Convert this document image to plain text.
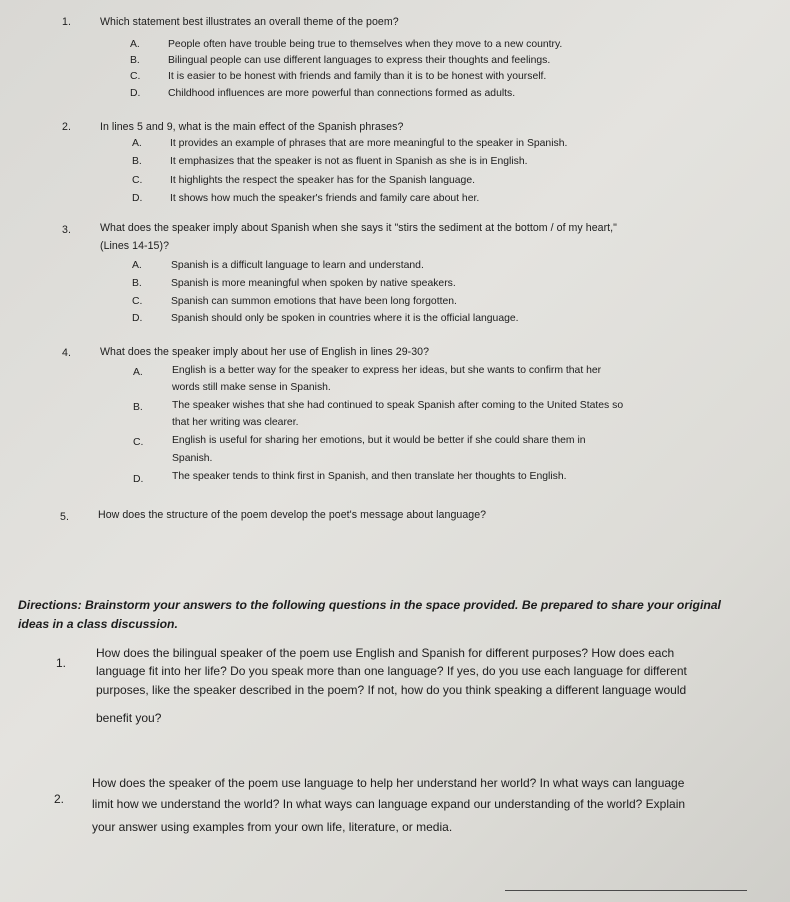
1.	Which statement best illustrates an overall theme of the poem?
A.	People often have trouble being true to themselves when they move to a new country.
B.	Bilingual people can use different languages to express their thoughts and feelings.
C.	It is easier to be honest with friends and family than it is to be honest with yourself.
D.	Childhood influences are more powerful than connections formed as adults.
2.	In lines 5 and 9, what is the main effect of the Spanish phrases?
A.	It provides an example of phrases that are more meaningful to the speaker in Spanish.
B.	It emphasizes that the speaker is not as fluent in Spanish as she is in English.
C.	It highlights the respect the speaker has for the Spanish language.
D.	It shows how much the speaker's friends and family care about her.
3.	What does the speaker imply about Spanish when she says it "stirs the sediment at the bottom / of my heart,"
(Lines 14-15)?
A.	Spanish is a difficult language to learn and understand.
B.	Spanish is more meaningful when spoken by native speakers.
C.	Spanish can summon emotions that have been long forgotten.
D.	Spanish should only be spoken in countries where it is the official language.
4.	What does the speaker imply about her use of English in lines 29-30?
A.	English is a better way for the speaker to express her ideas, but she wants to confirm that her
words still make sense in Spanish.
B.	The speaker wishes that she had continued to speak Spanish after coming to the United States so
that her writing was clearer.
C.	English is useful for sharing her emotions, but it would be better if she could share them in
Spanish.
D.	The speaker tends to think first in Spanish, and then translate her thoughts to English.
5.	How does the structure of the poem develop the poet's message about language?
Directions: Brainstorm your answers to the following questions in the space provided. Be prepared to share your original
ideas in a class discussion.
1.
How does the bilingual speaker of the poem use English and Spanish for different purposes? How does each
language fit into her life? Do you speak more than one language? If yes, do you use each language for different
purposes, like the speaker described in the poem? If not, how do you think speaking a different language would
benefit you?
2.
How does the speaker of the poem use language to help her understand her world? In what ways can language
limit how we understand the world? In what ways can language expand our understanding of the world? Explain
your answer using examples from your own life, literature, or media.
